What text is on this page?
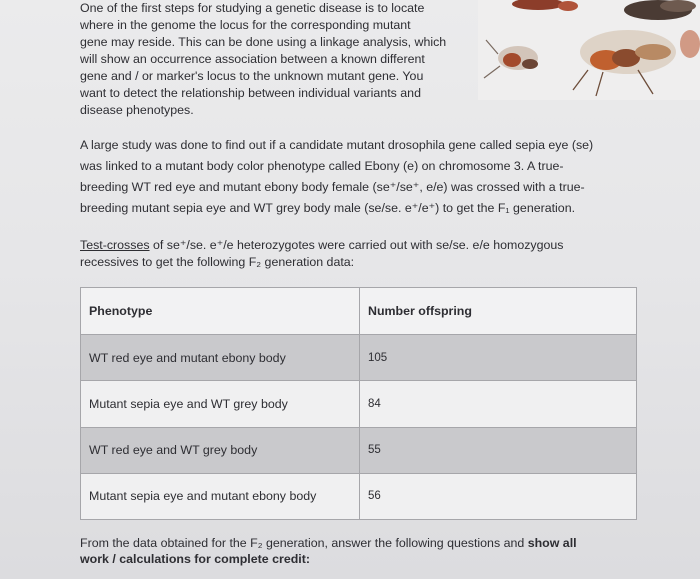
One of the first steps for studying a genetic disease is to locate
where in the genome the locus for the corresponding mutant
gene may reside. This can be done using a linkage analysis, which
will show an occurrence association between a known different
gene and / or marker's locus to the unknown mutant gene. You
want to detect the relationship between individual variants and
disease phenotypes.
A large study was done to find out if a candidate mutant drosophila gene called sepia eye (se)
was linked to a mutant body color phenotype called Ebony (e) on chromosome 3. A true-
breeding WT red eye and mutant ebony body female (se⁺/se⁺, e/e) was crossed with a true-
breeding mutant sepia eye and WT grey body male (se/se. e⁺/e⁺) to get the F₁ generation.
Test-crosses of se⁺/se. e⁺/e heterozygotes were carried out with se/se. e/e homozygous
recessives to get the following F₂ generation data:
Phenotype	Number offspring
WT red eye and mutant ebony body	105
Mutant sepia eye and WT grey body	84
WT red eye and WT grey body	55
Mutant sepia eye and mutant ebony body	56
From the data obtained for the F₂ generation, answer the following questions and show all
work / calculations for complete credit:
